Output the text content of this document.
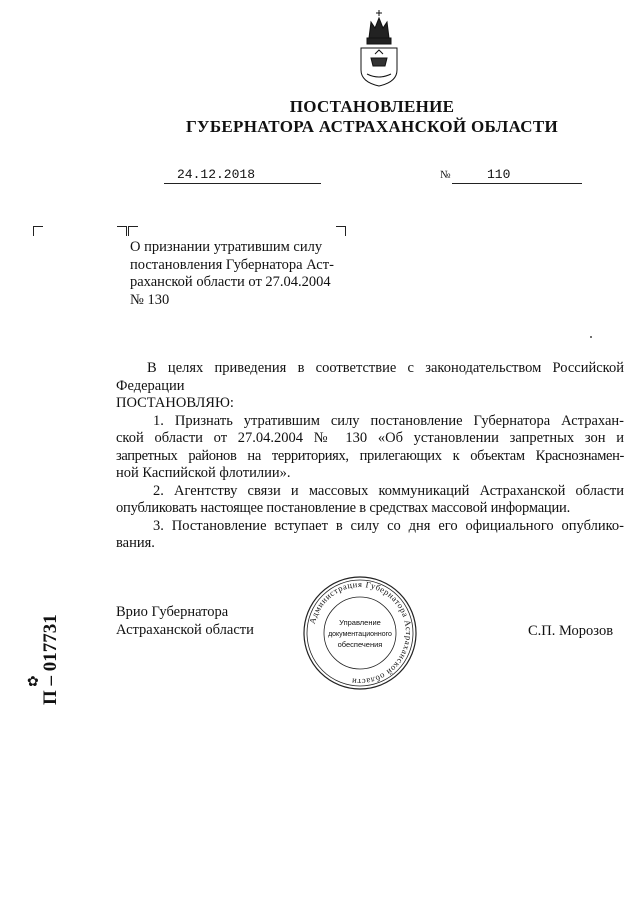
ПОСТАНОВЛЕНИЕ
ГУБЕРНАТОРА АСТРАХАНСКОЙ ОБЛАСТИ
24.12.2018	№	110
О признании утратившим силу
постановления Губернатора Аст-
раханской области от 27.04.2004
№ 130
В целях приведения в соответствие с законодательством Российской
Федерации
ПОСТАНОВЛЯЮ:
1. Признать утратившим силу постановление Губернатора Астрахан-
ской области от 27.04.2004 № 130 «Об установлении запретных зон и
запретных районов на территориях, прилегающих к объектам Краснознамен-
ной Каспийской флотилии».
2. Агентству связи и массовых коммуникаций Астраханской области
опубликовать настоящее постановление в средствах массовой информации.
3. Постановление вступает в силу со дня его официального опублико-
вания.
Врио Губернатора
Астраханской области	С.П. Морозов
Администрация Губернатора Астраханской области
Управление
документационного
обеспечения
✿ П – 017731
